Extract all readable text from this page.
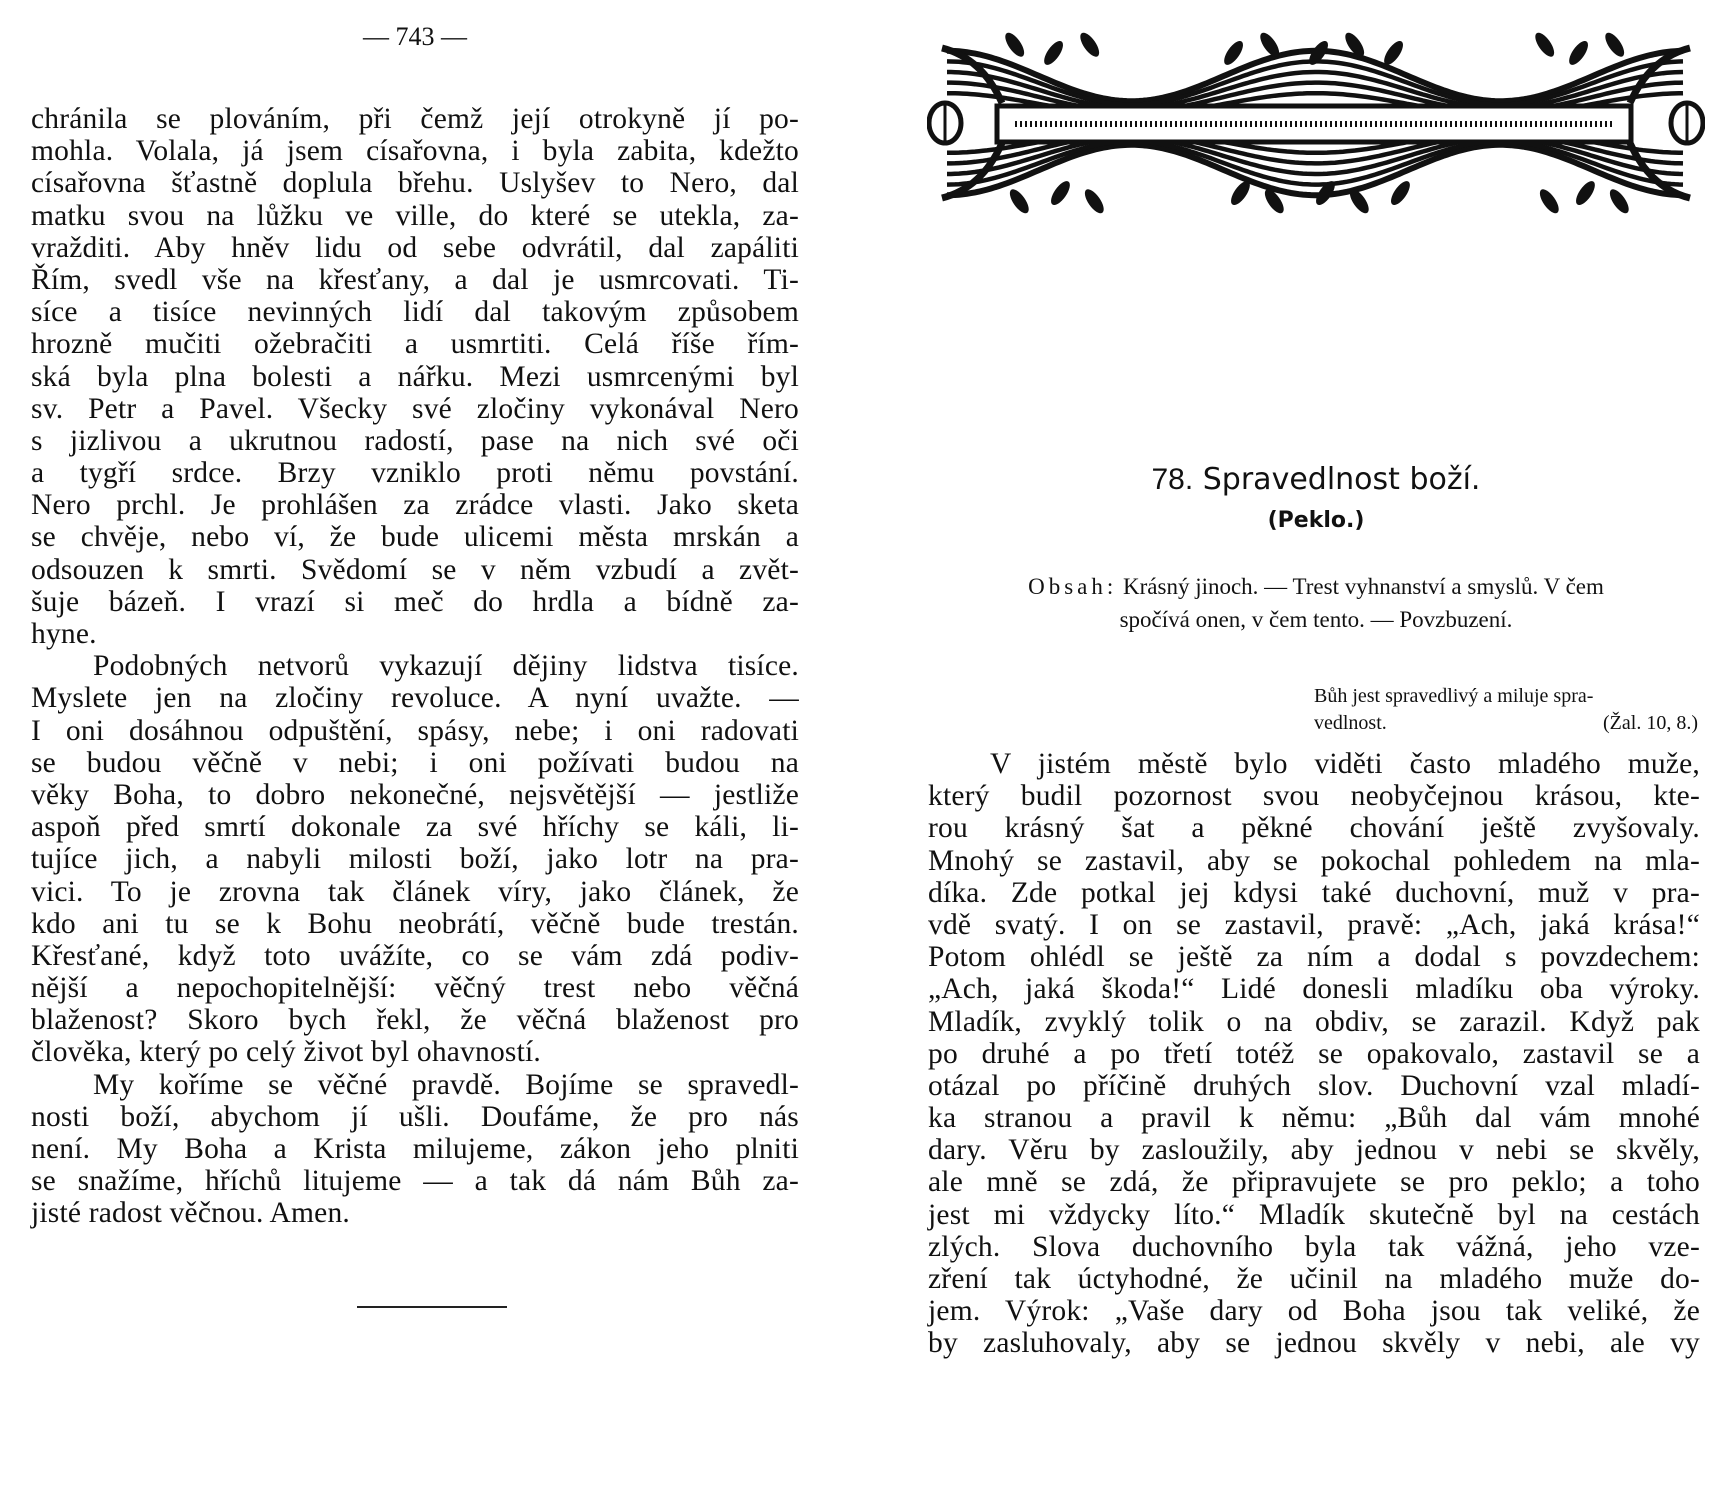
— 743 —
chránila se plováním, při čemž její otrokyně jí po-
mohla. Volala, já jsem císařovna, i byla zabita, kdežto
císařovna šťastně doplula břehu. Uslyšev to Nero, dal
matku svou na lůžku ve ville, do které se utekla, za-
vražditi. Aby hněv lidu od sebe odvrátil, dal zapáliti
Řím, svedl vše na křesťany, a dal je usmrcovati. Ti-
síce a tisíce nevinných lidí dal takovým způsobem
hrozně mučiti ožebračiti a usmrtiti. Celá říše řím-
ská byla plna bolesti a nářku. Mezi usmrcenými byl
sv. Petr a Pavel. Všecky své zločiny vykonával Nero
s jizlivou a ukrutnou radostí, pase na nich své oči
a tygří srdce. Brzy vzniklo proti němu povstání.
Nero prchl. Je prohlášen za zrádce vlasti. Jako sketa
se chvěje, nebo ví, že bude ulicemi města mrskán a
odsouzen k smrti. Svědomí se v něm vzbudí a zvět-
šuje bázeň. I vrazí si meč do hrdla a bídně za-
hyne.
Podobných netvorů vykazují dějiny lidstva tisíce.
Myslete jen na zločiny revoluce. A nyní uvažte. —
I oni dosáhnou odpuštění, spásy, nebe; i oni radovati
se budou věčně v nebi; i oni požívati budou na
věky Boha, to dobro nekonečné, nejsvětější — jestliže
aspoň před smrtí dokonale za své hříchy se káli, li-
tujíce jich, a nabyli milosti boží, jako lotr na pra-
vici. To je zrovna tak článek víry, jako článek, že
kdo ani tu se k Bohu neobrátí, věčně bude trestán.
Křesťané, když toto uvážíte, co se vám zdá podiv-
nější a nepochopitelnější: věčný trest nebo věčná
blaženost? Skoro bych řekl, že věčná blaženost pro
člověka, který po celý život byl ohavností.
My koříme se věčné pravdě. Bojíme se spravedl-
nosti boží, abychom jí ušli. Doufáme, že pro nás
není. My Boha a Krista milujeme, zákon jeho plniti
se snažíme, hříchů litujeme — a tak dá nám Bůh za-
jisté radost věčnou. Amen.
78. Spravedlnost boží.
(Peklo.)
Obsah: Krásný jinoch. — Trest vyhnanství a smyslů. V čem
spočívá onen, v čem tento. — Povzbuzení.
Bůh jest spravedlivý a miluje spra-
vedlnost.	(Žal. 10, 8.)
V jistém městě bylo viděti často mladého muže,
který budil pozornost svou neobyčejnou krásou, kte-
rou krásný šat a pěkné chování ještě zvyšovaly.
Mnohý se zastavil, aby se pokochal pohledem na mla-
díka. Zde potkal jej kdysi také duchovní, muž v pra-
vdě svatý. I on se zastavil, pravě: „Ach, jaká krása!“
Potom ohlédl se ještě za ním a dodal s povzdechem:
„Ach, jaká škoda!“ Lidé donesli mladíku oba výroky.
Mladík, zvyklý tolik o na obdiv, se zarazil. Když pak
po druhé a po třetí totéž se opakovalo, zastavil se a
otázal po příčině druhých slov. Duchovní vzal mladí-
ka stranou a pravil k němu: „Bůh dal vám mnohé
dary. Věru by zasloužily, aby jednou v nebi se skvěly,
ale mně se zdá, že připravujete se pro peklo; a toho
jest mi vždycky líto.“ Mladík skutečně byl na cestách
zlých. Slova duchovního byla tak vážná, jeho vze-
zření tak úctyhodné, že učinil na mladého muže do-
jem. Výrok: „Vaše dary od Boha jsou tak veliké, že
by zasluhovaly, aby se jednou skvěly v nebi, ale vy
